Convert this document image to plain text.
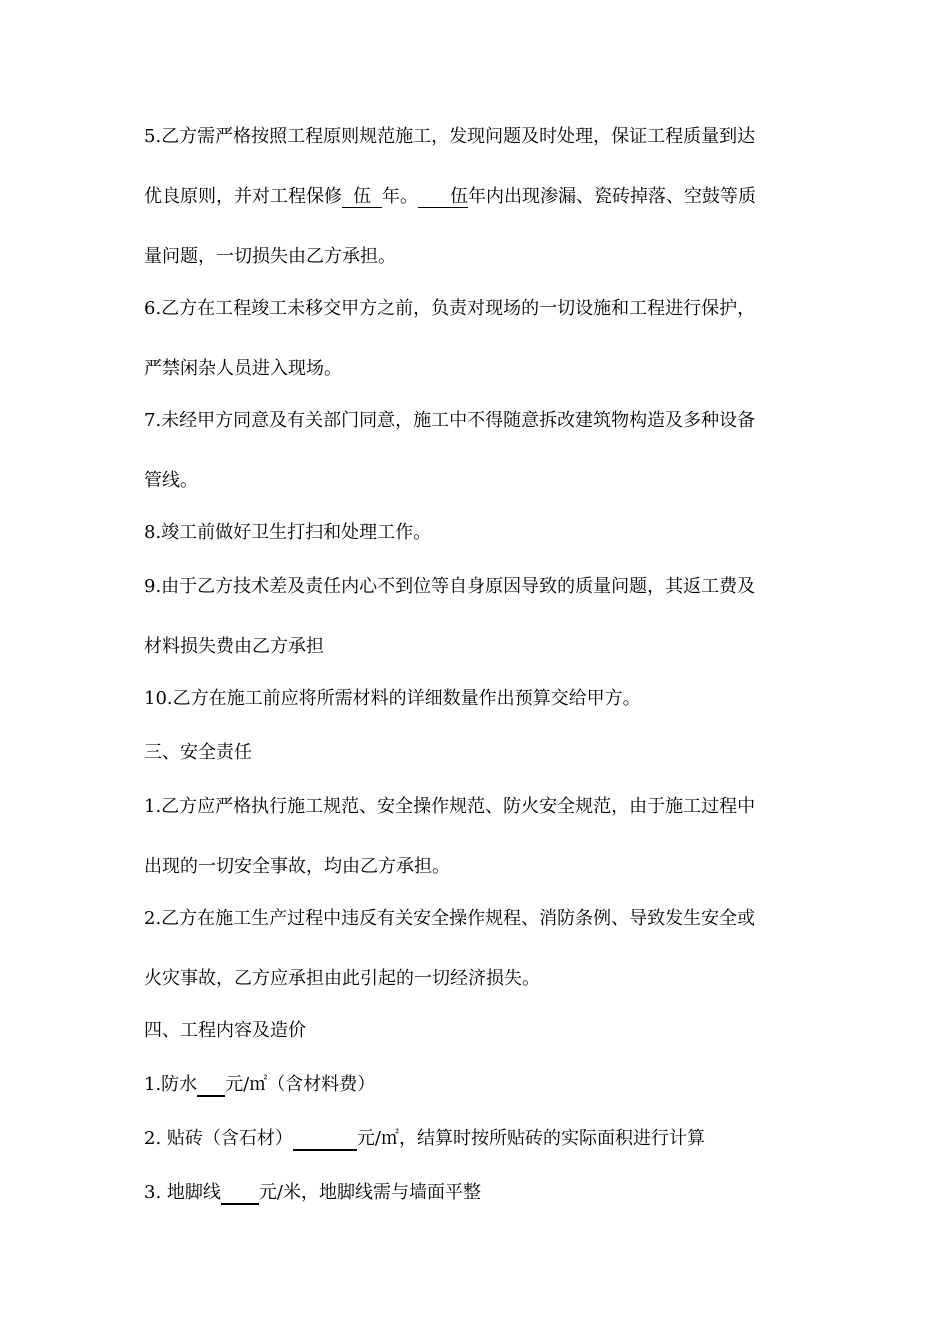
5.乙方需严格按照工程原则规范施工，发现问题及时处理，保证工程质量到达
优良原则，并对工程保修 伍 年。 伍年内出现渗漏、瓷砖掉落、空鼓等质
量问题，一切损失由乙方承担。
6.乙方在工程竣工未移交甲方之前，负责对现场的一切设施和工程进行保护，
严禁闲杂人员进入现场。
7.未经甲方同意及有关部门同意，施工中不得随意拆改建筑物构造及多种设备
管线。
8.竣工前做好卫生打扫和处理工作。
9.由于乙方技术差及责任内心不到位等自身原因导致的质量问题，其返工费及
材料损失费由乙方承担
10.乙方在施工前应将所需材料的详细数量作出预算交给甲方。
三、安全责任
1.乙方应严格执行施工规范、安全操作规范、防火安全规范，由于施工过程中
出现的一切安全事故，均由乙方承担。
2.乙方在施工生产过程中违反有关安全操作规程、消防条例、导致发生安全或
火灾事故，乙方应承担由此引起的一切经济损失。
四、工程内容及造价
1.防水 元/㎡（含材料费）
2. 贴砖（含石材）	元/㎡，结算时按所贴砖的实际面积进行计算
3. 地脚线 元/米，地脚线需与墙面平整
